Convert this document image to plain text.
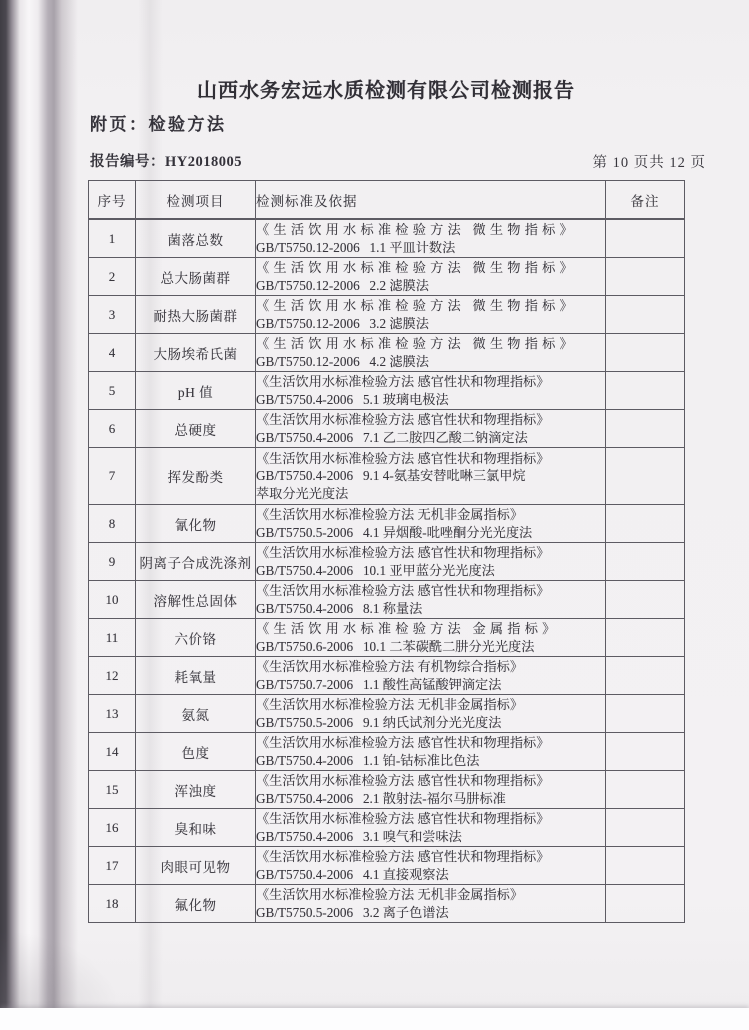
山西水务宏远水质检测有限公司检测报告
附页：检验方法
报告编号：HY2018005	第 10 页共 12 页
序号	检测项目	检测标准及依据	备注
1	菌落总数	《生活饮用水标准检验方法 微生物指标》
GB/T5750.12-2006   1.1 平皿计数法	

2	总大肠菌群	《生活饮用水标准检验方法 微生物指标》
GB/T5750.12-2006   2.2 滤膜法	

3	耐热大肠菌群	《生活饮用水标准检验方法 微生物指标》
GB/T5750.12-2006   3.2 滤膜法	

4	大肠埃希氏菌	《生活饮用水标准检验方法 微生物指标》
GB/T5750.12-2006   4.2 滤膜法	

5	pH 值	《生活饮用水标准检验方法 感官性状和物理指标》
GB/T5750.4-2006   5.1 玻璃电极法	

6	总硬度	《生活饮用水标准检验方法 感官性状和物理指标》
GB/T5750.4-2006   7.1 乙二胺四乙酸二钠滴定法	

7	挥发酚类	《生活饮用水标准检验方法 感官性状和物理指标》
GB/T5750.4-2006   9.1 4-氨基安替吡啉三氯甲烷
萃取分光光度法	

8	氰化物	《生活饮用水标准检验方法 无机非金属指标》
GB/T5750.5-2006   4.1 异烟酸-吡唑酮分光光度法	

9	阴离子合成洗涤剂	《生活饮用水标准检验方法 感官性状和物理指标》
GB/T5750.4-2006   10.1 亚甲蓝分光光度法	

10	溶解性总固体	《生活饮用水标准检验方法 感官性状和物理指标》
GB/T5750.4-2006   8.1 称量法	

11	六价铬	《生活饮用水标准检验方法 金属指标》
GB/T5750.6-2006   10.1 二苯碳酰二肼分光光度法	

12	耗氧量	《生活饮用水标准检验方法 有机物综合指标》
GB/T5750.7-2006   1.1 酸性高锰酸钾滴定法	

13	氨氮	《生活饮用水标准检验方法 无机非金属指标》
GB/T5750.5-2006   9.1 纳氏试剂分光光度法	

14	色度	《生活饮用水标准检验方法 感官性状和物理指标》
GB/T5750.4-2006   1.1 铂-钴标准比色法	

15	浑浊度	《生活饮用水标准检验方法 感官性状和物理指标》
GB/T5750.4-2006   2.1 散射法-福尔马肼标准	

16	臭和味	《生活饮用水标准检验方法 感官性状和物理指标》
GB/T5750.4-2006   3.1 嗅气和尝味法	

17	肉眼可见物	《生活饮用水标准检验方法 感官性状和物理指标》
GB/T5750.4-2006   4.1 直接观察法	

18	氟化物	《生活饮用水标准检验方法 无机非金属指标》
GB/T5750.5-2006   3.2 离子色谱法	
